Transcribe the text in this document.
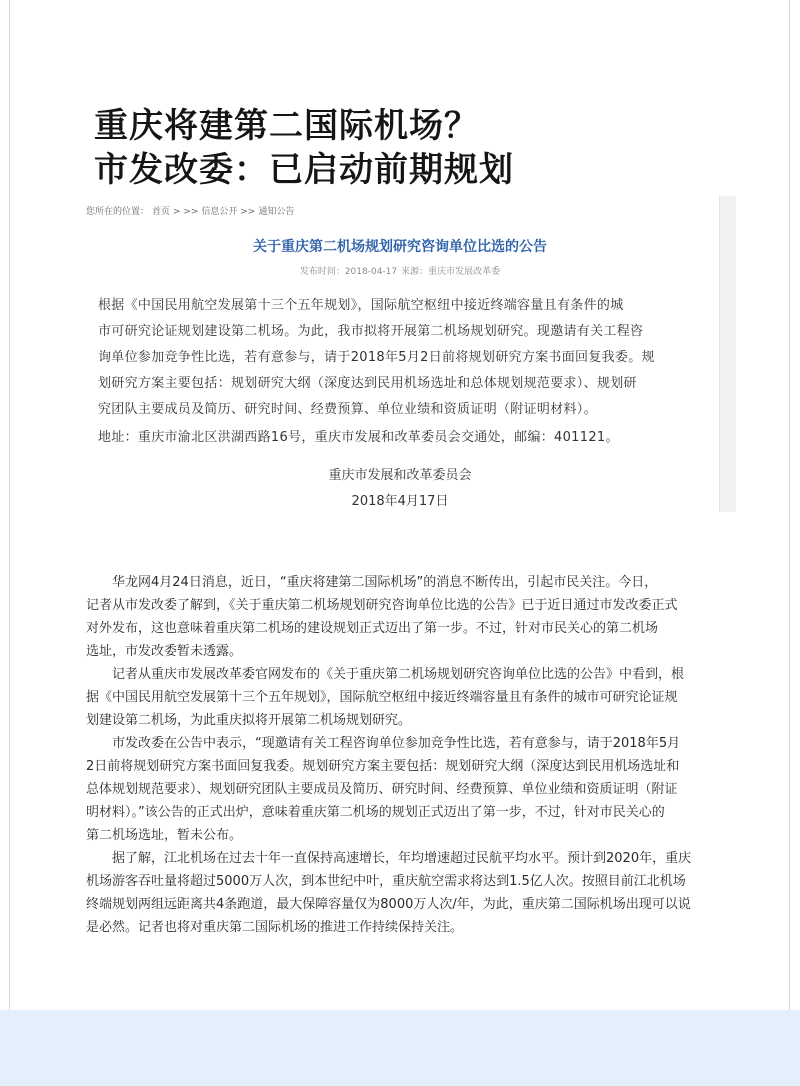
重庆将建第二国际机场？
市发改委：已启动前期规划
您所在的位置： 首页 > >> 信息公开 >> 通知公告
关于重庆第二机场规划研究咨询单位比选的公告
发布时间：2018-04-17 来源：重庆市发展改革委
根据《中国民用航空发展第十三个五年规划》，国际航空枢纽中接近终端容量且有条件的城
市可研究论证规划建设第二机场。为此，我市拟将开展第二机场规划研究。现邀请有关工程咨
询单位参加竞争性比选，若有意参与，请于2018年5月2日前将规划研究方案书面回复我委。规
划研究方案主要包括：规划研究大纲（深度达到民用机场选址和总体规划规范要求）、规划研
究团队主要成员及简历、研究时间、经费预算、单位业绩和资质证明（附证明材料）。
地址：重庆市渝北区洪湖西路16号，重庆市发展和改革委员会交通处，邮编：401121。
重庆市发展和改革委员会
2018年4月17日
　　华龙网4月24日消息，近日，“重庆将建第二国际机场”的消息不断传出，引起市民关注。今日，
记者从市发改委了解到，《关于重庆第二机场规划研究咨询单位比选的公告》已于近日通过市发改委正式
对外发布，这也意味着重庆第二机场的建设规划正式迈出了第一步。不过，针对市民关心的第二机场
选址，市发改委暂未透露。
　　记者从重庆市发展改革委官网发布的《关于重庆第二机场规划研究咨询单位比选的公告》中看到，根
据《中国民用航空发展第十三个五年规划》，国际航空枢纽中接近终端容量且有条件的城市可研究论证规
划建设第二机场，为此重庆拟将开展第二机场规划研究。
　　市发改委在公告中表示，“现邀请有关工程咨询单位参加竞争性比选，若有意参与，请于2018年5月
2日前将规划研究方案书面回复我委。规划研究方案主要包括：规划研究大纲（深度达到民用机场选址和
总体规划规范要求）、规划研究团队主要成员及简历、研究时间、经费预算、单位业绩和资质证明（附证
明材料）。”该公告的正式出炉，意味着重庆第二机场的规划正式迈出了第一步，不过，针对市民关心的
第二机场选址，暂未公布。
　　据了解，江北机场在过去十年一直保持高速增长，年均增速超过民航平均水平。预计到2020年，重庆
机场游客吞吐量将超过5000万人次，到本世纪中叶，重庆航空需求将达到1.5亿人次。按照目前江北机场
终端规划两组远距离共4条跑道，最大保障容量仅为8000万人次/年，为此，重庆第二国际机场出现可以说
是必然。记者也将对重庆第二国际机场的推进工作持续保持关注。
